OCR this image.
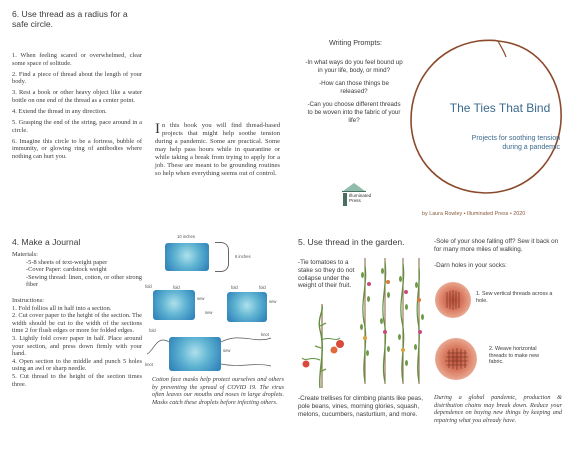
6. Use thread as a radius for a safe circle.

1. When feeling scared or overwhelmed, clear some space of solitude.

2. Find a piece of thread about the length of your body.

3. Rest a book or other heavy object like a water bottle on one end of the thread as a center point.

4. Extend the thread in any direction.

5. Grasping the end of the string, pace around in a circle.

6. Imagine this circle to be a fortress, bubble of immunity, or glowing ring of antibodies where nothing can hurt you.

In this book you will find thread-based projects that might help soothe tension during a pandemic. Some are practical. Some may help pass hours while in quarantine or while taking a break from trying to apply for a job. These are meant to be grounding routines so help when everything seems out of control.
Writing Prompts:

-In what ways do you feel bound up in your life, body, or mind?

-How can those things be released?

-Can you choose different threads to be woven into the fabric of your life?

Illuminated
Press
The Ties That Bind
Projects for soothing tension
during a pandemic
by Laura Rowley • Illuminated Press • 2020
4. Make a Journal

Materials:

-5-8 sheets of text-weight paper

-Cover Paper: cardstock weight

-Sewing thread: linen, cotton, or other strong fiber

Instructions:

1. Fold follios all in half into a section.

2. Cut cover paper to the height of the section. The width should be cut to the width of the sections time 2 for flush edges or more for folded edges.

3. Lightly fold cover paper in half. Place around your section, and press down firmly with your hand.

4. Open section to the middle and punch 5 holes using an awl or sharp needle.

5. Cut thread to the height of the section times three.

10 inches
6 inches
fold	fold
sew
fold	fold
sew
sew
fold
knot
sew
knot
Cotton face masks help protect ourselves and others by preventing the spread of COVID 19. The virus often leaves our mouths and noses in large droplets. Masks catch these droplets before infecting others.
5. Use thread in the garden.
-Tie tomatoes to a stake so they do not collapse under the weight of their fruit.
-Create trellises for climbing plants like peas, pole beans, vines, morning glories, squash, melons, cucumbers, nasturtium, and more.
-Sole of your shoe falling off? Sew it back on for many more miles of walking.
-Darn holes in your socks:
1. Sew vertical threads across a hole.
2. Weave horizontal threads to make new fabric.
During a global pandemic, production & distribution chains may break down. Reduce your dependence on buying new things by keeping and repairing what you already have.
